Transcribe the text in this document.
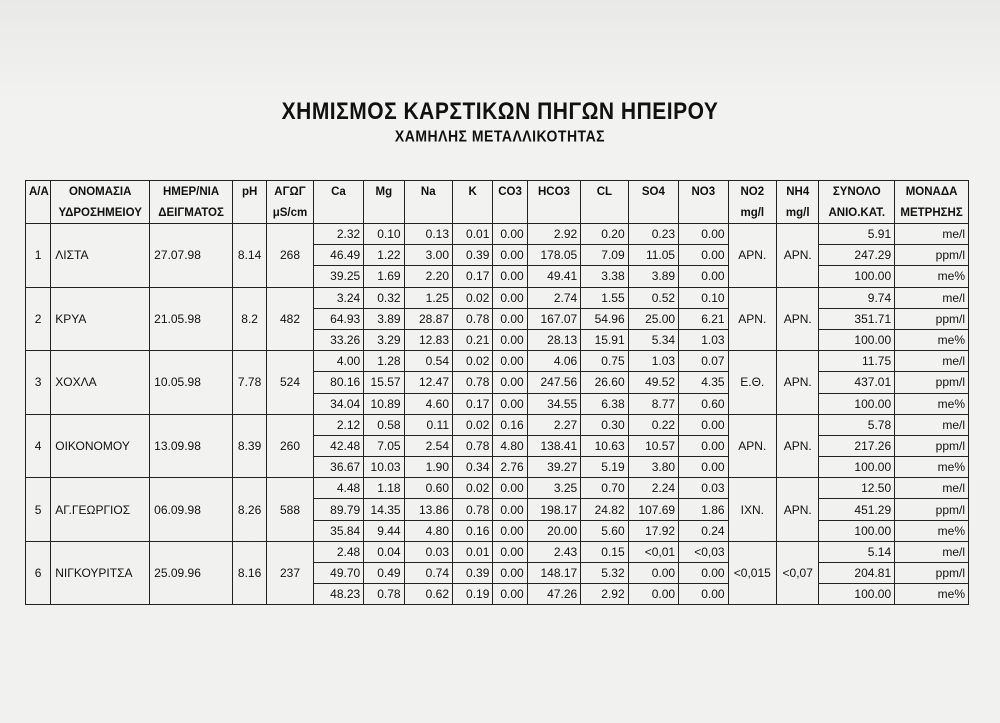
ΧΗΜΙΣΜΟΣ ΚΑΡΣΤΙΚΩΝ ΠΗΓΩΝ ΗΠΕΙΡΟΥ
ΧΑΜΗΛΗΣ ΜΕΤΑΛΛΙΚΟΤΗΤΑΣ
Α/Α	ΟΝΟΜΑΣΙΑ	ΗΜΕΡ/ΝΙΑ	pH	ΑΓΩΓ	Ca	Mg	Na	K	CO3	HCO3	CL	SO4	NO3	NO2	NH4	ΣΥΝΟΛΟ	ΜΟΝΑΔΑ
	ΥΔΡΟΣΗΜΕΙΟΥ	ΔΕΙΓΜΑΤΟΣ		μS/cm										mg/l	mg/l	ΑΝΙΟ.ΚΑΤ.	ΜΕΤΡΗΣΗΣ
1	ΛΙΣΤΑ	27.07.98	8.14	268	2.32	0.10	0.13	0.01	0.00	2.92	0.20	0.23	0.00	ΑΡΝ.	ΑΡΝ.	5.91	me/l
					46.49	1.22	3.00	0.39	0.00	178.05	7.09	11.05	0.00			247.29	ppm/l
					39.25	1.69	2.20	0.17	0.00	49.41	3.38	3.89	0.00			100.00	me%
2	ΚΡΥΑ	21.05.98	8.2	482	3.24	0.32	1.25	0.02	0.00	2.74	1.55	0.52	0.10	ΑΡΝ.	ΑΡΝ.	9.74	me/l
					64.93	3.89	28.87	0.78	0.00	167.07	54.96	25.00	6.21			351.71	ppm/l
					33.26	3.29	12.83	0.21	0.00	28.13	15.91	5.34	1.03			100.00	me%
3	ΧΟΧΛΑ	10.05.98	7.78	524	4.00	1.28	0.54	0.02	0.00	4.06	0.75	1.03	0.07	Ε.Θ.	ΑΡΝ.	11.75	me/l
					80.16	15.57	12.47	0.78	0.00	247.56	26.60	49.52	4.35			437.01	ppm/l
					34.04	10.89	4.60	0.17	0.00	34.55	6.38	8.77	0.60			100.00	me%
4	ΟΙΚΟΝΟΜΟΥ	13.09.98	8.39	260	2.12	0.58	0.11	0.02	0.16	2.27	0.30	0.22	0.00	ΑΡΝ.	ΑΡΝ.	5.78	me/l
					42.48	7.05	2.54	0.78	4.80	138.41	10.63	10.57	0.00			217.26	ppm/l
					36.67	10.03	1.90	0.34	2.76	39.27	5.19	3.80	0.00			100.00	me%
5	ΑΓ.ΓΕΩΡΓΙΟΣ	06.09.98	8.26	588	4.48	1.18	0.60	0.02	0.00	3.25	0.70	2.24	0.03	ΙΧΝ.	ΑΡΝ.	12.50	me/l
					89.79	14.35	13.86	0.78	0.00	198.17	24.82	107.69	1.86			451.29	ppm/l
					35.84	9.44	4.80	0.16	0.00	20.00	5.60	17.92	0.24			100.00	me%
6	ΝΙΓΚΟΥΡΙΤΣΑ	25.09.96	8.16	237	2.48	0.04	0.03	0.01	0.00	2.43	0.15	<0,01	<0,03	<0,015	<0,07	5.14	me/l
					49.70	0.49	0.74	0.39	0.00	148.17	5.32	0.00	0.00			204.81	ppm/l
					48.23	0.78	0.62	0.19	0.00	47.26	2.92	0.00	0.00			100.00	me%
